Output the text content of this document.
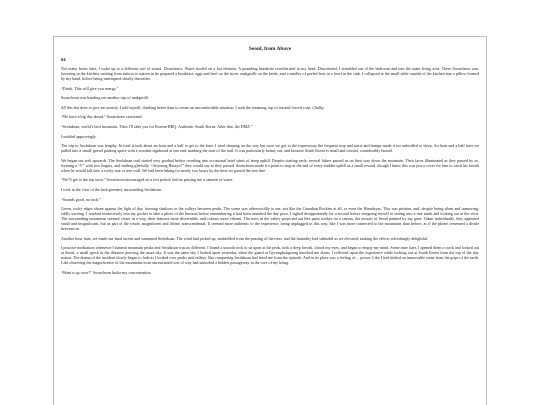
Seoul, from Above
04

Not many hours later, I woke up to a different sort of sound. Downstairs. Water sizzled on a hot element. A pounding headache reverberated in my head. Disoriented, I stumbled out of the bedroom and into the main living area. There Sooncheon was, hovering in the kitchen, rushing from station to station as he prepared a breakfast; eggs and beef on the stove, makgeolli on the kettle, and a medley of peeled fruit in a bowl in the sink. I collapsed at the small table outside of the kitchen into a pillow formed by my hand, before being interrupted shortly thereafter.

“Drink. This will give you energy.”

Soonchoen was handing me another cup of makgeolli.

All this but done to give me anxiety, I told myself, thinking better than to create an uncomfortable situation. I took the steaming cup of tea and forced a sip. Chalky.

“We have a big day ahead,” Soonchoen cautioned.

“Seolaksan, world’s best mountain. Then I’ll take you for Korean BBQ. Authentic South Korea. After that, the DMZ.”

I nodded approvingly.

The trip to Seolaksan was lengthy. In total it took about an hour and a half to get to the base. I tried sleeping on the way but once we got to the expressway the frequent stop and starts and bumps made it too unbridled to sleep. An hour and a half later we pulled into a small, gravel parking space with a wooden signboard at one end, marking the start of the trail. It was particularly balmy out, and because South Korea is small and coastal, considerably humid.

We began our trek upwards. The Seolaksan trail started very gradual before receding into occasional brief stints of steep uphill. Despite starting early, several hikers passed us on their way down the mountain. Their faces illuminated as they passed by us, forming a “V” with two fingers, and smiling gleefully. “Anyoung Haseyo!” they would say as they passed. Soonchoen made it a point to stop at the end of every sudden uphill as a small reward, though I knew this was just a cover for him to catch his breath when he would fall onto a rocky seat or tree wall. We had been hiking for nearly two hours by the time we passed the tree line.

“We’ll get to the top soon,” Soonchoon encouraged on a rest period, before passing me a canteen of water.

I took in the view of the lush greenery surrounding Seolaksan.

“Sounds good, no rush.”

Green, rocky edges shone against the light of day, forming shadows in the valleys between peaks. The scene was otherworldly to me, not like the Canadian Rockies at all, or even the Himalayas. This was pristine, and, despite being silent and unmoving, oddly inviting. I reached instinctively into my pocket to take a photo of the horizon before remembering it had been smashed the day prior. I sighed disappointedly for a second before resigning myself to setting into a tree trunk and looking out at the view. The surrounding mountains seemed closer in a way, their features more discernible, and colours more vibrant. The trees in the valley projected out like paint strokes on a canvas, the mosaic of Seoul painted by my gaze. Taken individually, they appeared small and insignificant, but as part of the whole, magnificent and divine, transcendental. It seemed more authentic to the experience, being unplugged in this way, like I was more connected to the mountains than before, as if the phone cemented a divide between us.

Another hour later, we made our final ascent and summited Seolaksan. The wind had picked up, unshielded from the passing of the tress, and the humidity had subsided as we elevated, making the effects refreshingly delightful.

I practice meditation whenever I summit mountain peaks and Seolaksan was no different. I found a smooth rock to sit upon at the peak, took a deep breath, closed my eyes, and began to empty my mind. Some time later, I opened them a crack and looked out at Seoul, a small speck in the distance piercing the azure sky. It was the same sky I looked upon yesterday when the guard at Gyeongbokgoong knocked me down. I reflected upon the experience while looking out at South Korea from the top of the tiny nation. The drama of the incident slowly began to fade as I looked over peaks and valleys, like conquering Seolaksan had freed me from the episode. And in its place was a feeling of… power. Like I had shifted an immovable stone from the grips of the earth. Like observing the magnificence of the mountains in an unrestrained sort of way had unlocked a hidden passageway in the core of my being.

“Want to go now?” Soonchoen broke my concentration.
